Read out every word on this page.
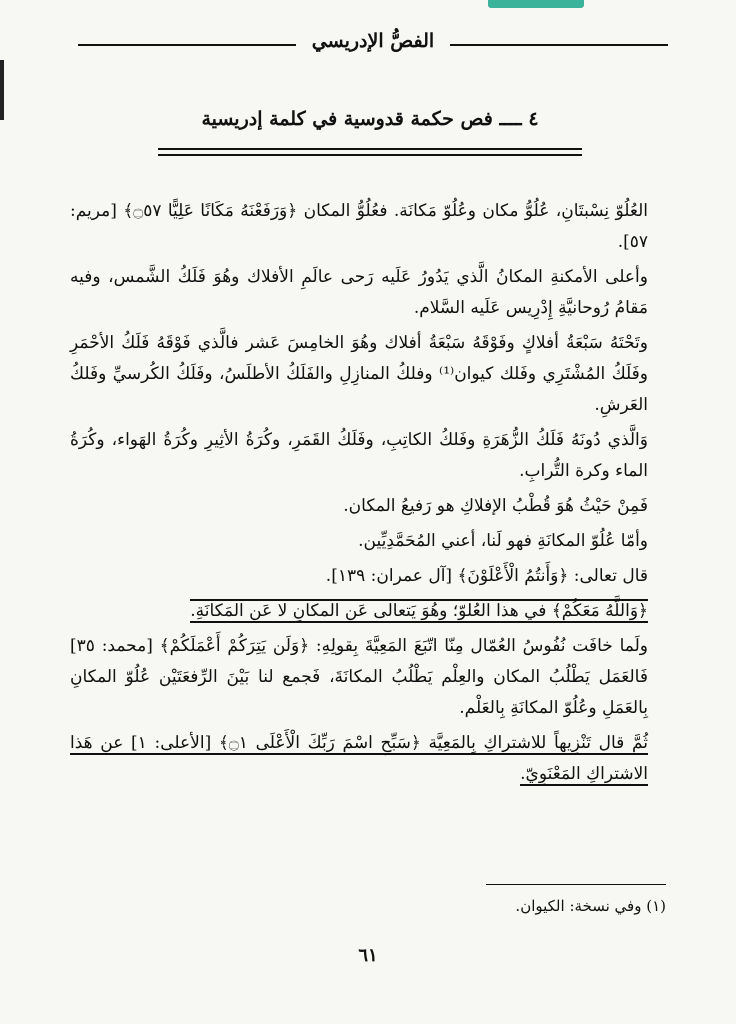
الفصُّ الإدريسي
٤ ــــ فص حكمة قدوسية في كلمة إدريسية

العُلُوّ نِسْبتَانِ، عُلُوُّ مكان وعُلُوّ مَكانَة. فعُلُوُّ المكان ﴿وَرَفَعْنَهُ مَكَانًا عَلِيًّا ۝٥٧﴾ [مريم: ٥٧].

وأعلى الأمكنةِ المكانُ الَّذي يَدُورُ عَلَيه رَحى عالَمِ الأفلاك وهُوَ فَلَكُ الشَّمس، وفيه مَقامُ رُوحانيَّةِ إِدْرِيس عَلَيه السَّلام.

وتَحْتَهُ سَبْعَةُ أفلاكٍ وفَوْقَهُ سَبْعَةُ أفلاك وهُوَ الخامِسَ عَشر فالَّذي فَوْقَهُ فَلَكُ الأحْمَرِ وفَلَكُ المُشْتَرِي وفَلك كيوان⁽¹⁾ وفلكُ المنازِلِ والفَلَكُ الأطلَسُ، وفَلَكُ الكُرسيِّ وفَلكُ العَرشِ.

وَالَّذي دُونَهُ فَلَكُ الزُّهَرَةِ وفَلكُ الكاتِبِ، وفَلَكُ القَمَرِ، وكُرَةُ الأثِيرِ وكُرَةُ الهَواء، وكُرَةُ الماء وكرة التُّرابِ.

فَمِنْ حَيْثُ هُوَ قُطْبُ الإفلاكِ هو رَفيعُ المكان.

وأمّا عُلُوّ المكانَةِ فهو لَنا، أعني المُحَمَّدِيِّين.

قال تعالى: ﴿وَأَنتُمُ الْأَعْلَوْنَ﴾ [آل عمران: ١٣٩].

﴿وَاللَّهُ مَعَكُمْ﴾ في هذا العُلوّ؛ وهُوَ يَتعالى عَن المكانِ لا عَن المَكانَةِ.

ولَما خافَت نُفُوسُ العُمّال مِنّا اتّبَعَ المَعِيَّةَ بِقولِهِ: ﴿وَلَن يَتِرَكُمْ أَعْمَلَكُمْ﴾ [محمد: ٣٥] فَالعَمَل يَطْلُبُ المكان والعِلْم يَطْلُبُ المكانَةَ، فَجمع لنا بَيْنَ الرِّفعَتَيْن عُلُوّ المكانِ بِالعَمَلِ وعُلُوّ المكانَةِ بِالعَلْم.

ثُمَّ قال تَنْزِيهاً للاشتراكِ بِالمَعِيَّة ﴿سَبِّحِ اسْمَ رَبِّكَ الْأَعْلَى ۝١﴾ [الأعلى: ١] عن هَذا الاشتراكِ المَعْنَوِيّ.

(١) وفي نسخة: الكيوان.
٦١
